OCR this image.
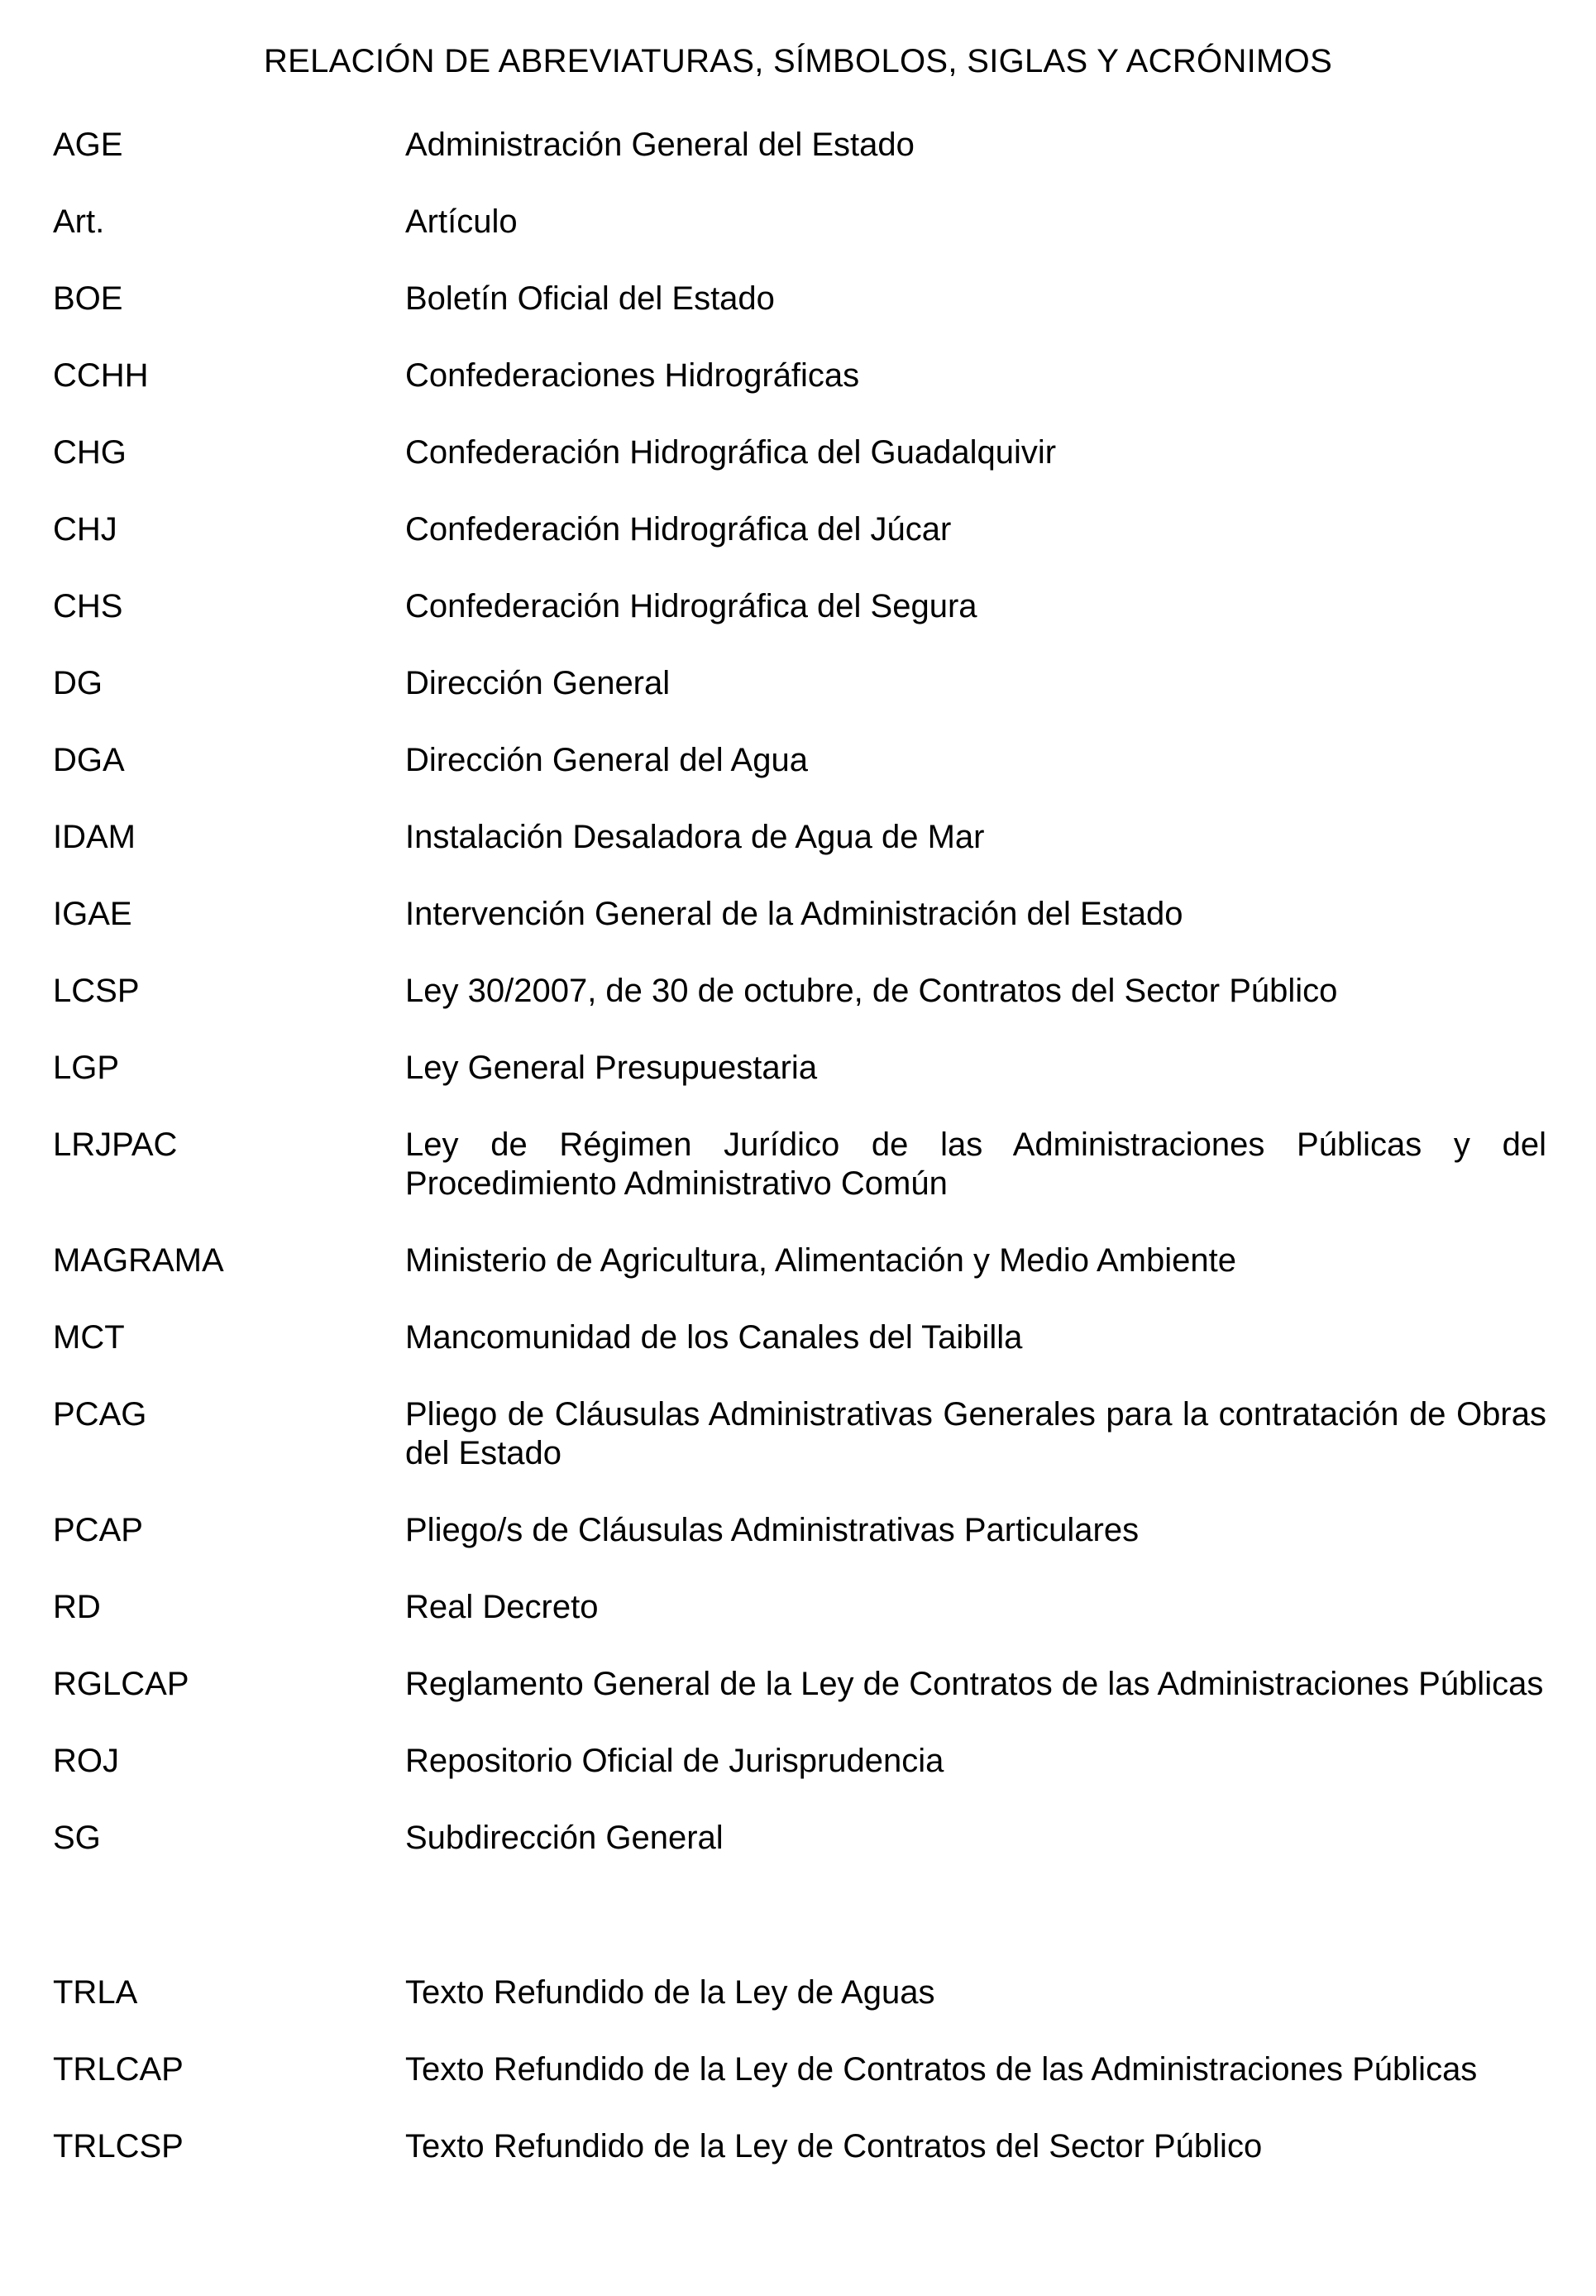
RELACIÓN DE ABREVIATURAS, SÍMBOLOS, SIGLAS Y ACRÓNIMOS
AGE	Administración General del Estado
Art.	Artículo
BOE	Boletín Oficial del Estado
CCHH	Confederaciones Hidrográficas
CHG	Confederación Hidrográfica del Guadalquivir
CHJ	Confederación Hidrográfica del Júcar
CHS	Confederación Hidrográfica del Segura
DG	Dirección General
DGA	Dirección General del Agua
IDAM	Instalación Desaladora de Agua de Mar
IGAE	Intervención General de la Administración del Estado
LCSP	Ley 30/2007, de 30 de octubre, de Contratos del Sector Público
LGP	Ley General Presupuestaria
LRJPAC	Ley de Régimen Jurídico de las Administraciones Públicas y del Procedimiento Administrativo Común
MAGRAMA	Ministerio de Agricultura, Alimentación y Medio Ambiente
MCT	Mancomunidad de los Canales del Taibilla
PCAG	Pliego de Cláusulas Administrativas Generales para la contratación de Obras del Estado
PCAP	Pliego/s de Cláusulas Administrativas Particulares
RD	Real Decreto
RGLCAP	Reglamento General de la Ley de Contratos de las Administraciones Públicas
ROJ	Repositorio Oficial de Jurisprudencia
SG	Subdirección General
TRLA	Texto Refundido de la Ley de Aguas
TRLCAP	Texto Refundido de la Ley de Contratos de las Administraciones Públicas
TRLCSP	Texto Refundido de la Ley de Contratos del Sector Público
